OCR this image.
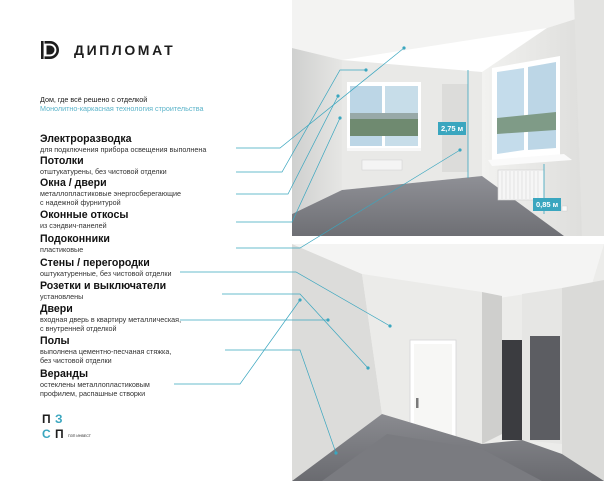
ДИПЛОМАТ
Дом, где всё решено с отделкой
Монолитно-каркасная технология строительства
Электроразводка
для подключения прибора освещения выполнена
Потолки
отштукатурены, без чистовой отделки
Окна / двери
металлопластиковые энергосберегающие
с надежной фурнитурой
Оконные откосы
из сэндвич-панелей
Подоконники
пластиковые
Стены / перегородки
оштукатуренные, без чистовой отделки
Розетки и выключатели
установлены
Двери
входная дверь в квартиру металлическая,
с внутренней отделкой
Полы
выполнена цементно-песчаная стяжка,
без чистовой отделки
Веранды
остеклены металлопластиковым
профилем, распашные створки
П З
С П ПЗП ИНВЕСТ
2,75 м
0,85 м
